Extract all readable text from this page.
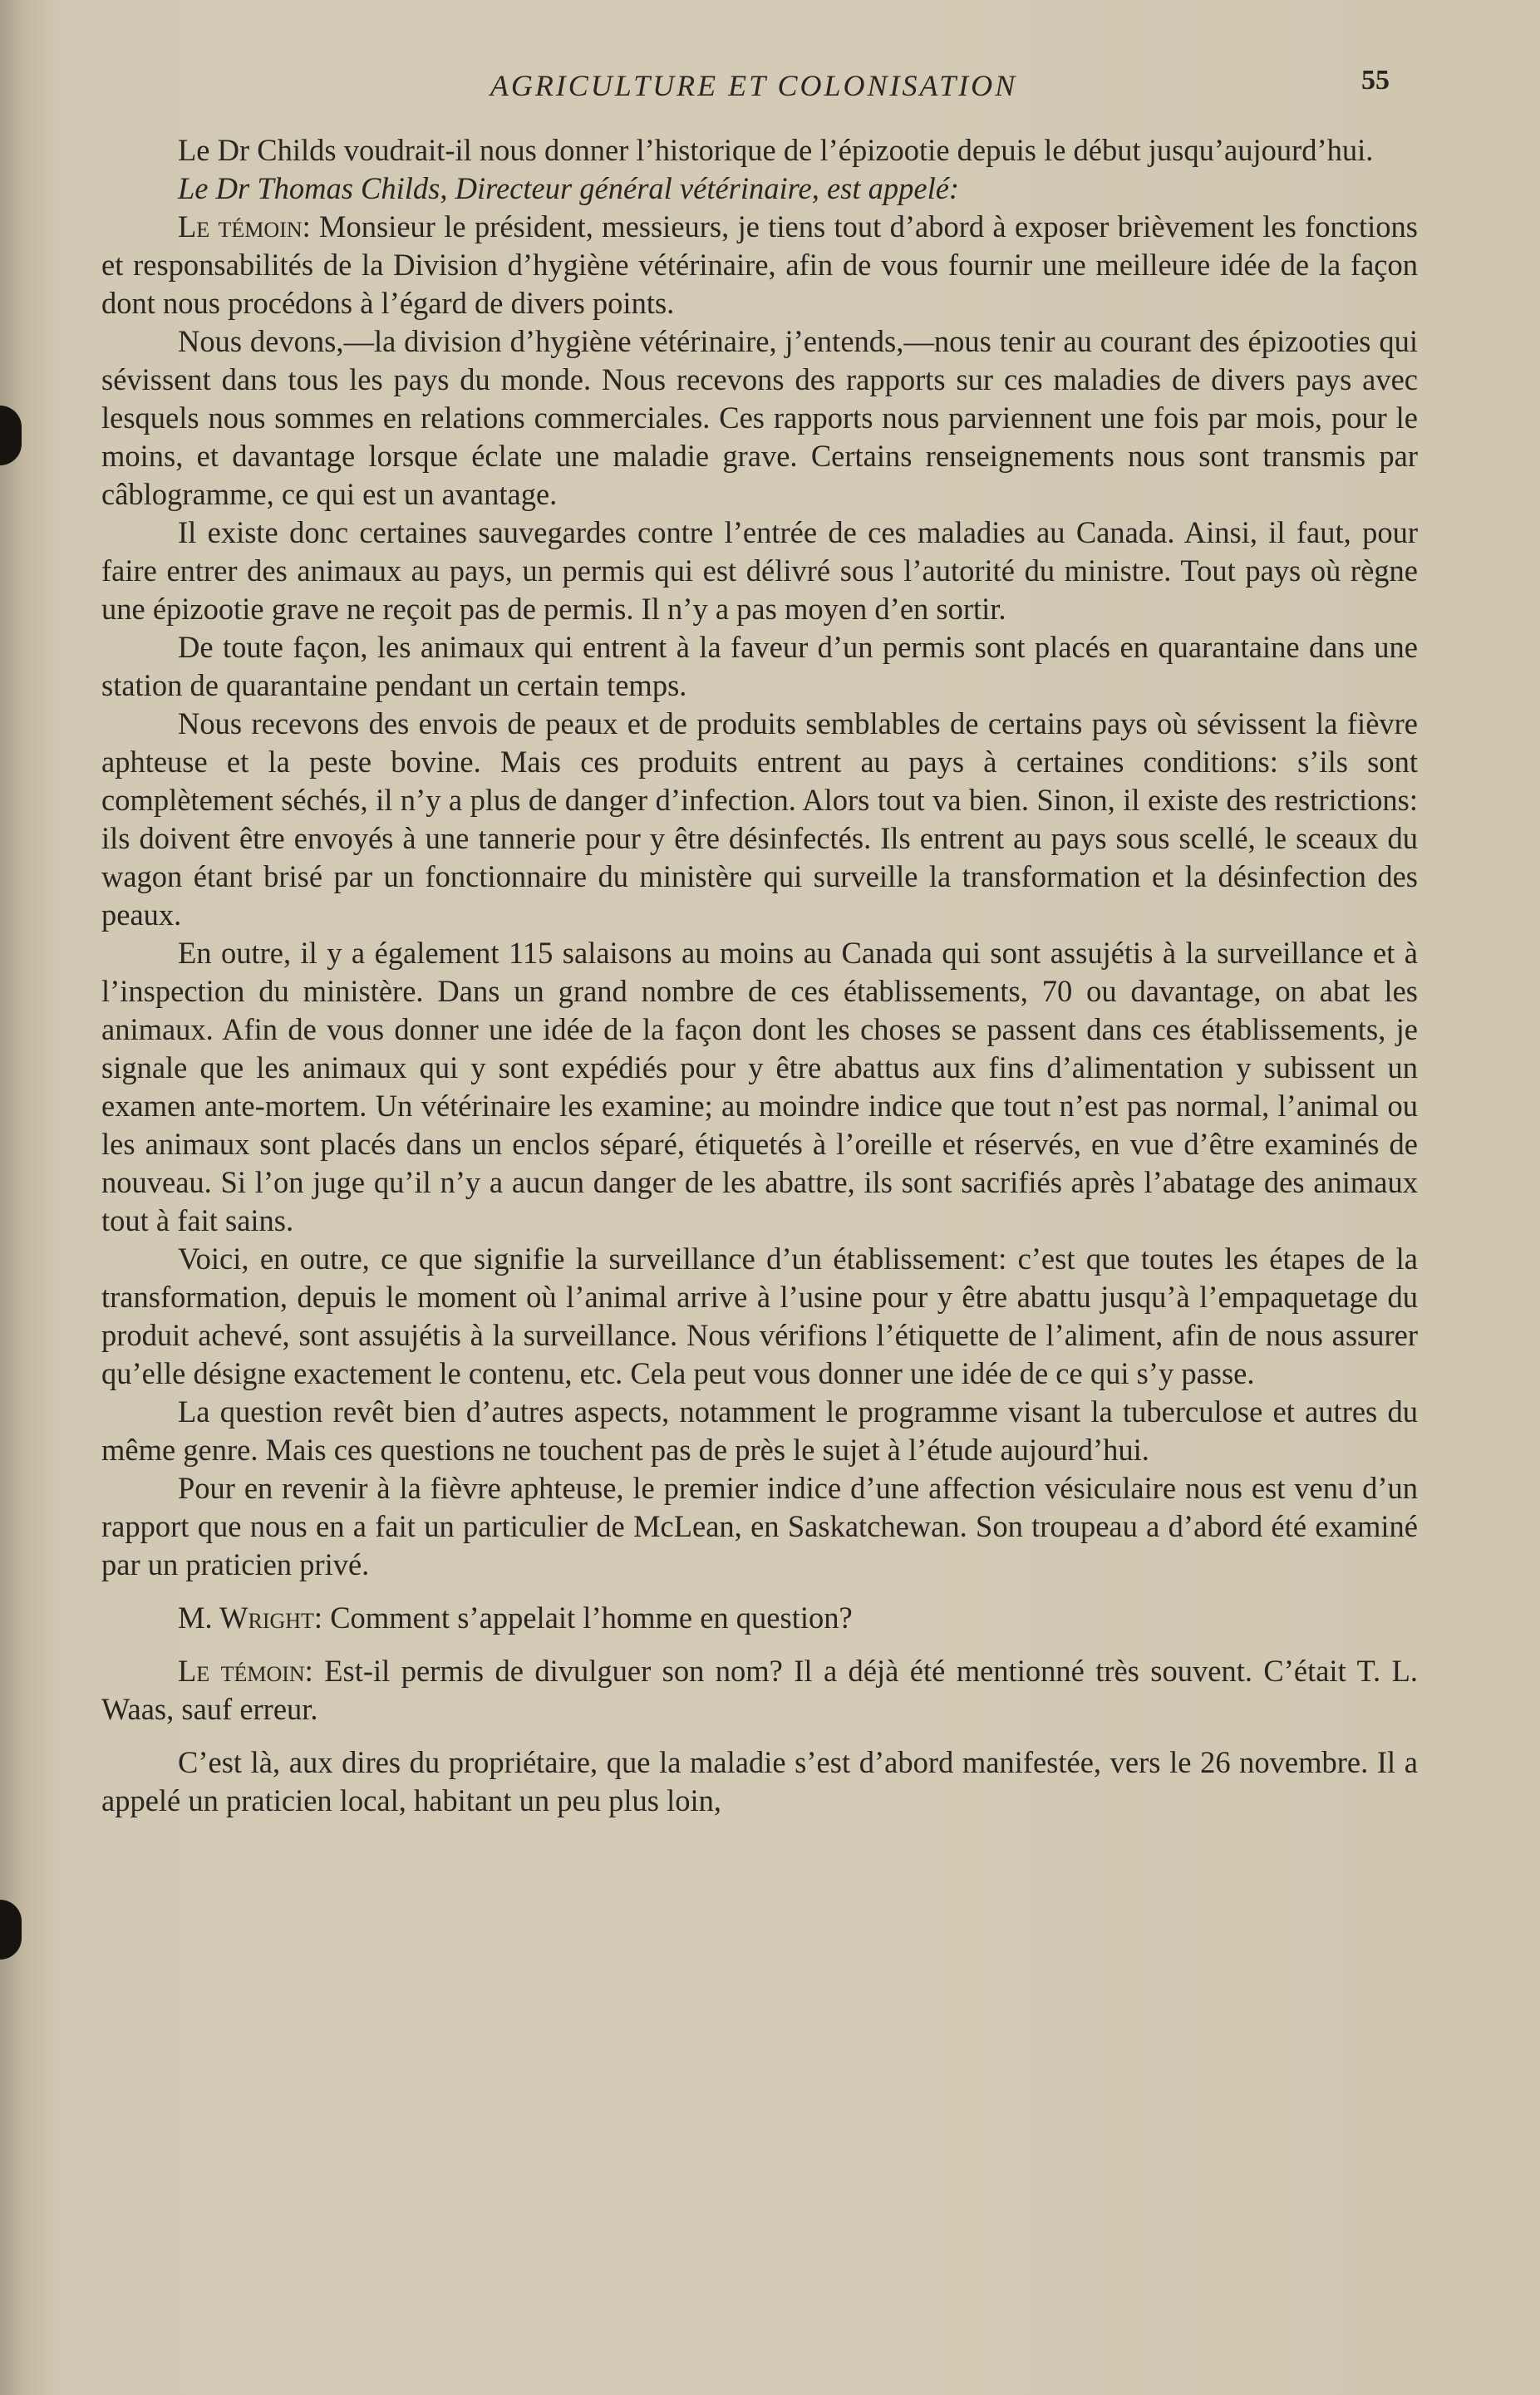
AGRICULTURE ET COLONISATION	55

Le Dr Childs voudrait-il nous donner l’historique de l’épizootie depuis le début jusqu’aujourd’hui.

Le Dr Thomas Childs, Directeur général vétérinaire, est appelé:

Le témoin: Monsieur le président, messieurs, je tiens tout d’abord à exposer brièvement les fonctions et responsabilités de la Division d’hygiène vétérinaire, afin de vous fournir une meilleure idée de la façon dont nous procédons à l’égard de divers points.

Nous devons,—la division d’hygiène vétérinaire, j’entends,—nous tenir au courant des épizooties qui sévissent dans tous les pays du monde. Nous recevons des rapports sur ces maladies de divers pays avec lesquels nous sommes en relations commerciales. Ces rapports nous parviennent une fois par mois, pour le moins, et davantage lorsque éclate une maladie grave. Certains renseignements nous sont transmis par câblogramme, ce qui est un avantage.

Il existe donc certaines sauvegardes contre l’entrée de ces maladies au Canada. Ainsi, il faut, pour faire entrer des animaux au pays, un permis qui est délivré sous l’autorité du ministre. Tout pays où règne une épizootie grave ne reçoit pas de permis. Il n’y a pas moyen d’en sortir.

De toute façon, les animaux qui entrent à la faveur d’un permis sont placés en quarantaine dans une station de quarantaine pendant un certain temps.

Nous recevons des envois de peaux et de produits semblables de certains pays où sévissent la fièvre aphteuse et la peste bovine. Mais ces produits entrent au pays à certaines conditions: s’ils sont complètement séchés, il n’y a plus de danger d’infection. Alors tout va bien. Sinon, il existe des restrictions: ils doivent être envoyés à une tannerie pour y être désinfectés. Ils entrent au pays sous scellé, le sceaux du wagon étant brisé par un fonctionnaire du ministère qui surveille la transformation et la désinfection des peaux.

En outre, il y a également 115 salaisons au moins au Canada qui sont assujétis à la surveillance et à l’inspection du ministère. Dans un grand nombre de ces établissements, 70 ou davantage, on abat les animaux. Afin de vous donner une idée de la façon dont les choses se passent dans ces établissements, je signale que les animaux qui y sont expédiés pour y être abattus aux fins d’alimentation y subissent un examen ante-mortem. Un vétérinaire les examine; au moindre indice que tout n’est pas normal, l’animal ou les animaux sont placés dans un enclos séparé, étiquetés à l’oreille et réservés, en vue d’être examinés de nouveau. Si l’on juge qu’il n’y a aucun danger de les abattre, ils sont sacrifiés après l’abatage des animaux tout à fait sains.

Voici, en outre, ce que signifie la surveillance d’un établissement: c’est que toutes les étapes de la transformation, depuis le moment où l’animal arrive à l’usine pour y être abattu jusqu’à l’empaquetage du produit achevé, sont assujétis à la surveillance. Nous vérifions l’étiquette de l’aliment, afin de nous assurer qu’elle désigne exactement le contenu, etc. Cela peut vous donner une idée de ce qui s’y passe.

La question revêt bien d’autres aspects, notamment le programme visant la tuberculose et autres du même genre. Mais ces questions ne touchent pas de près le sujet à l’étude aujourd’hui.

Pour en revenir à la fièvre aphteuse, le premier indice d’une affection vésiculaire nous est venu d’un rapport que nous en a fait un particulier de McLean, en Saskatchewan. Son troupeau a d’abord été examiné par un praticien privé.

M. Wright: Comment s’appelait l’homme en question?

Le témoin: Est-il permis de divulguer son nom? Il a déjà été mentionné très souvent. C’était T. L. Waas, sauf erreur.

C’est là, aux dires du propriétaire, que la maladie s’est d’abord manifestée, vers le 26 novembre. Il a appelé un praticien local, habitant un peu plus loin,
